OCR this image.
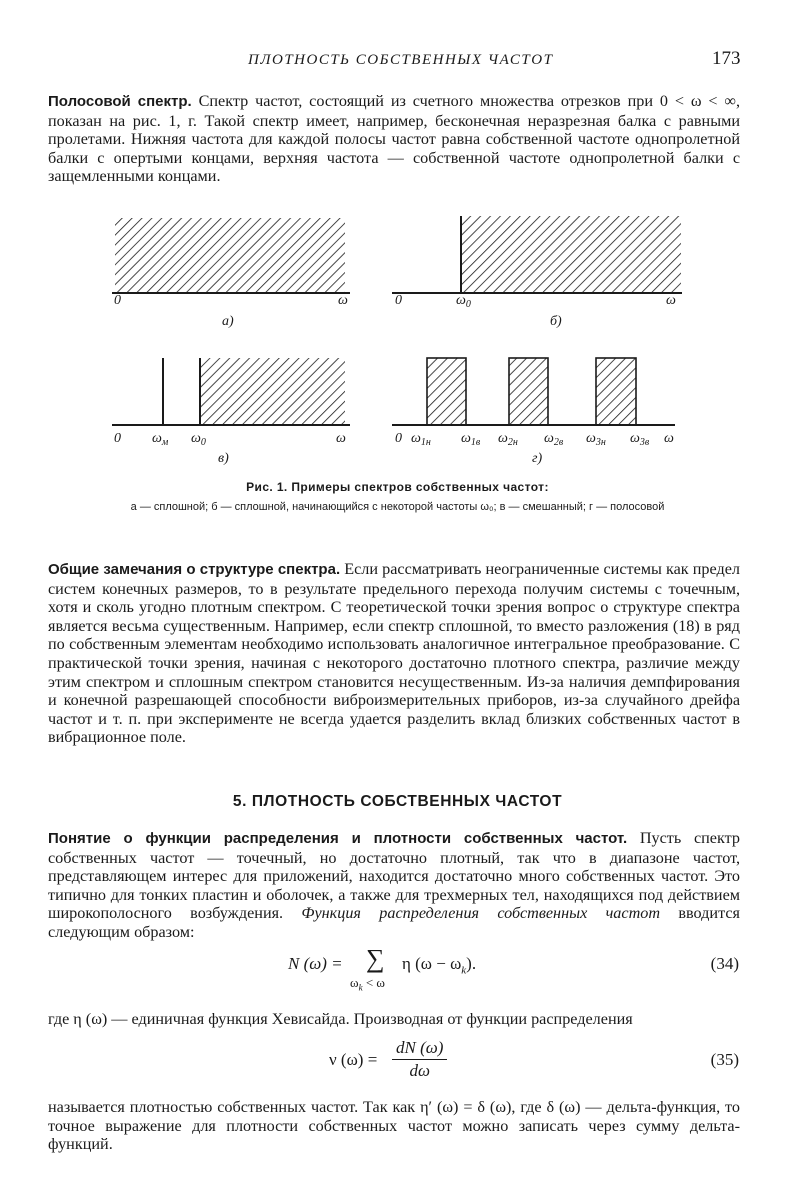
ПЛОТНОСТЬ СОБСТВЕННЫХ ЧАСТОТ	173
Полосовой спектр. Спектр частот, состоящий из счетного множества отрезков при 0 < ω < ∞, показан на рис. 1, г. Такой спектр имеет, например, бесконечная неразрезная балка с равными пролетами. Нижняя частота для каждой полосы частот равна собственной частоте однопролетной балки с опертыми концами, верхняя частота — собственной частоте однопролетной балки с защемленными концами.
0	ω
а)
0	$\omega_0$	ω
б)
0 $\omega_м$ $\omega_0$	ω
в)
0 $\omega_{1н}$ $\omega_{1в}$ $\omega_{2н}$ $\omega_{2в}$ $\omega_{3н}$ $\omega_{3в}$ ω
г)
Рис. 1. Примеры спектров собственных частот:
а — сплошной; б — сплошной, начинающийся с некоторой частоты ω₀; в — смешанный; г — полосовой
Общие замечания о структуре спектра. Если рассматривать неограниченные системы как предел систем конечных размеров, то в результате предельного перехода получим системы с точечным, хотя и сколь угодно плотным спектром. С теоретической точки зрения вопрос о структуре спектра является весьма существенным. Например, если спектр сплошной, то вместо разложения (18) в ряд по собственным элементам необходимо использовать аналогичное интегральное преобразование. С практической точки зрения, начиная с некоторого достаточно плотного спектра, различие между этим спектром и сплошным спектром становится несущественным. Из-за наличия демпфирования и конечной разрешающей способности виброизмерительных приборов, из-за случайного дрейфа частот и т. п. при эксперименте не всегда удается разделить вклад близких собственных частот в вибрационное поле.
5. ПЛОТНОСТЬ СОБСТВЕННЫХ ЧАСТОТ
Понятие о функции распределения и плотности собственных частот. Пусть спектр собственных частот — точечный, но достаточно плотный, так что в диапазоне частот, представляющем интерес для приложений, находится достаточно много собственных частот. Это типично для тонких пластин и оболочек, а также для трехмерных тел, находящихся под действием широкополосного возбуждения. Функция распределения собственных частот вводится следующим образом:
N (ω) = ∑
$\omega_k < \omega$
η $(\omega - \omega_k)$.	(34)
где η (ω) — единичная функция Хевисайда. Производная от функции распределения
ν $(\omega) = \frac{dN (\omega)}{d\omega}$	(35)
называется плотностью собственных частот. Так как η′ (ω) = δ (ω), где δ (ω) — дельта-функция, то точное выражение для плотности собственных частот можно записать через сумму дельта-функций.
